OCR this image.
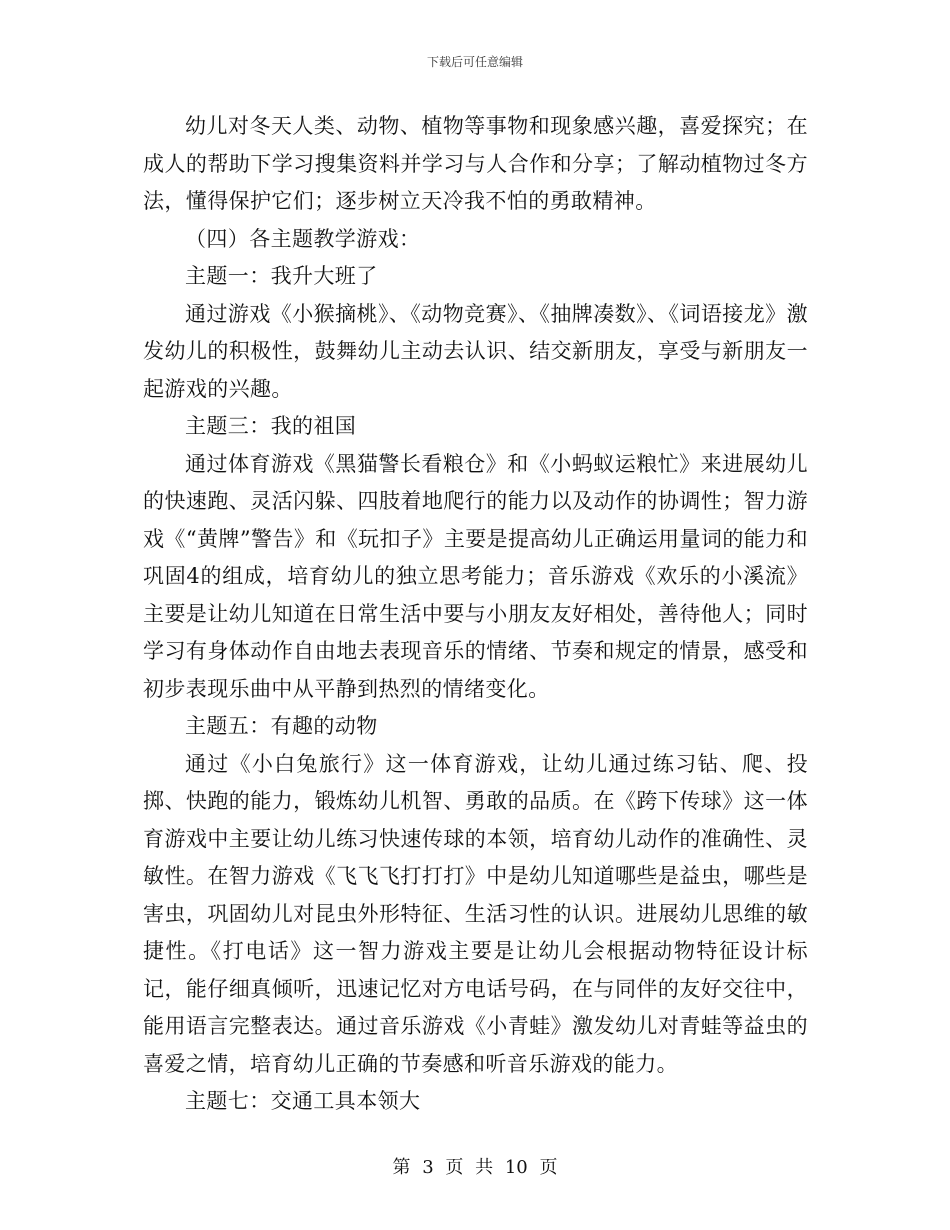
下载后可任意编辑

幼儿对冬天人类、动物、植物等事物和现象感兴趣，喜爱探究；在成人的帮助下学习搜集资料并学习与人合作和分享；了解动植物过冬方法，懂得保护它们；逐步树立天冷我不怕的勇敢精神。

（四）各主题教学游戏：

主题一：我升大班了

通过游戏《小猴摘桃》、《动物竞赛》、《抽牌凑数》、《词语接龙》激发幼儿的积极性，鼓舞幼儿主动去认识、结交新朋友，享受与新朋友一起游戏的兴趣。

主题三：我的祖国

通过体育游戏《黑猫警长看粮仓》和《小蚂蚁运粮忙》来进展幼儿的快速跑、灵活闪躲、四肢着地爬行的能力以及动作的协调性；智力游戏《“黄牌”警告》和《玩扣子》主要是提高幼儿正确运用量词的能力和巩固4的组成，培育幼儿的独立思考能力；音乐游戏《欢乐的小溪流》主要是让幼儿知道在日常生活中要与小朋友友好相处，善待他人；同时学习有身体动作自由地去表现音乐的情绪、节奏和规定的情景，感受和初步表现乐曲中从平静到热烈的情绪变化。

主题五：有趣的动物

通过《小白兔旅行》这一体育游戏，让幼儿通过练习钻、爬、投掷、快跑的能力，锻炼幼儿机智、勇敢的品质。在《跨下传球》这一体育游戏中主要让幼儿练习快速传球的本领，培育幼儿动作的准确性、灵敏性。在智力游戏《飞飞飞打打打》中是幼儿知道哪些是益虫，哪些是害虫，巩固幼儿对昆虫外形特征、生活习性的认识。进展幼儿思维的敏捷性。《打电话》这一智力游戏主要是让幼儿会根据动物特征设计标记，能仔细真倾听，迅速记忆对方电话号码，在与同伴的友好交往中，能用语言完整表达。通过音乐游戏《小青蛙》激发幼儿对青蛙等益虫的喜爱之情，培育幼儿正确的节奏感和听音乐游戏的能力。

主题七：交通工具本领大

第 3 页 共 10 页
